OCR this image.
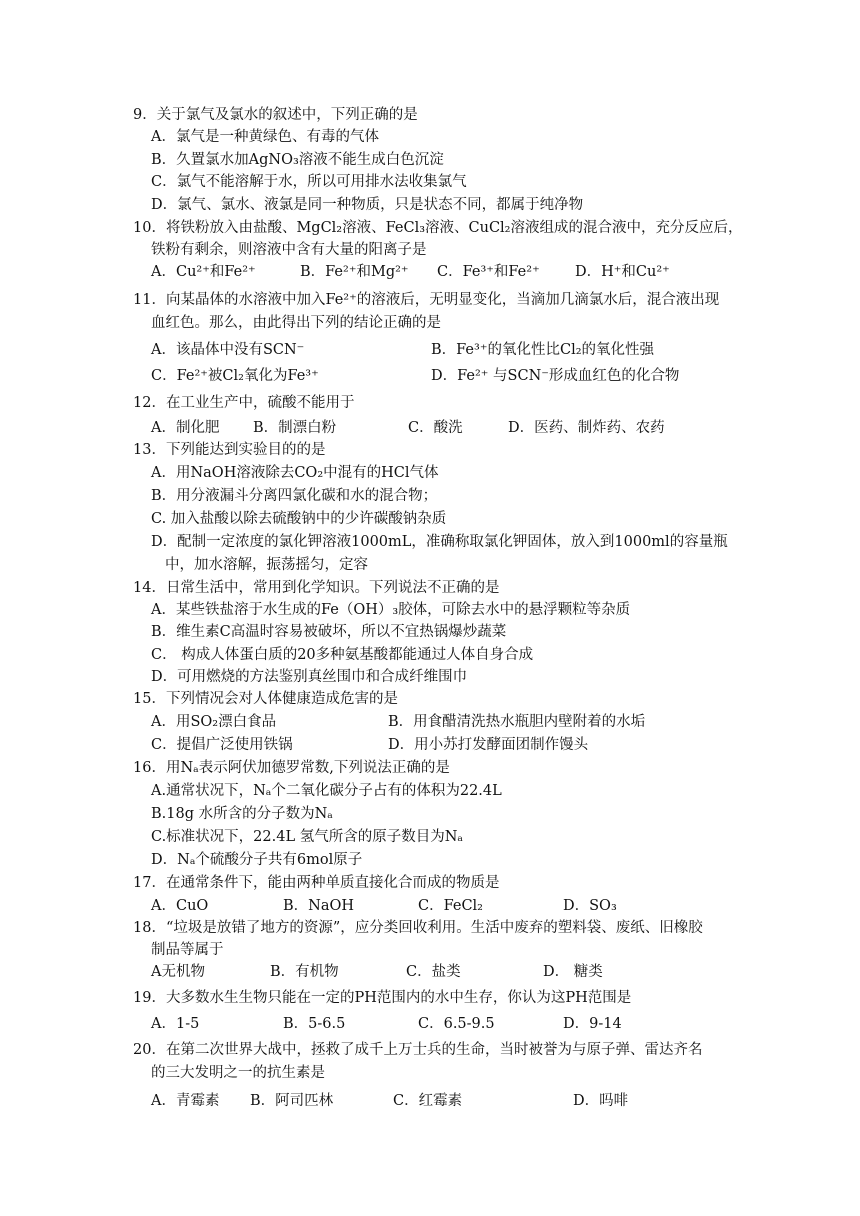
9．关于氯气及氯水的叙述中，下列正确的是
A．氯气是一种黄绿色、有毒的气体
B．久置氯水加AgNO₃溶液不能生成白色沉淀
C．氯气不能溶解于水，所以可用排水法收集氯气
D．氯气、氯水、液氯是同一种物质，只是状态不同，都属于纯净物
10．将铁粉放入由盐酸、MgCl₂溶液、FeCl₃溶液、CuCl₂溶液组成的混合液中，充分反应后，
铁粉有剩余，则溶液中含有大量的阳离子是
A．Cu²⁺和Fe²⁺	B．Fe²⁺和Mg²⁺ C．Fe³⁺和Fe²⁺ D．H⁺和Cu²⁺
11．向某晶体的水溶液中加入Fe²⁺的溶液后，无明显变化，当滴加几滴氯水后，混合液出现
血红色。那么，由此得出下列的结论正确的是
A．该晶体中没有SCN⁻	B．Fe³⁺的氧化性比Cl₂的氧化性强
C．Fe²⁺被Cl₂氧化为Fe³⁺	D．Fe²⁺ 与SCN⁻形成血红色的化合物
12．在工业生产中，硫酸不能用于
A．制化肥 B．制漂白粉	C．酸洗	D．医药、制炸药、农药
13．下列能达到实验目的的是
A．用NaOH溶液除去CO₂中混有的HCl气体
B．用分液漏斗分离四氯化碳和水的混合物；
C. 加入盐酸以除去硫酸钠中的少许碳酸钠杂质
D．配制一定浓度的氯化钾溶液1000mL，准确称取氯化钾固体，放入到1000ml的容量瓶
中，加水溶解，振荡摇匀，定容
14．日常生活中，常用到化学知识。下列说法不正确的是
A．某些铁盐溶于水生成的Fe（OH）₃胶体，可除去水中的悬浮颗粒等杂质
B．维生素C高温时容易被破坏，所以不宜热锅爆炒蔬菜
C． 构成人体蛋白质的20多种氨基酸都能通过人体自身合成
D．可用燃烧的方法鉴别真丝围巾和合成纤维围巾
15．下列情况会对人体健康造成危害的是
A．用SO₂漂白食品	B．用食醋清洗热水瓶胆内壁附着的水垢
C．提倡广泛使用铁锅	D．用小苏打发酵面团制作馒头
16．用Nₐ表示阿伏加德罗常数,下列说法正确的是
A.通常状况下，Nₐ个二氧化碳分子占有的体积为22.4L
B.18g 水所含的分子数为Nₐ
C.标准状况下，22.4L 氢气所含的原子数目为Nₐ
D．Nₐ个硫酸分子共有6mol原子
17．在通常条件下，能由两种单质直接化合而成的物质是
A．CuO	B．NaOH	C．FeCl₂	D．SO₃
18．“垃圾是放错了地方的资源”，应分类回收利用。生活中废弃的塑料袋、废纸、旧橡胶
制品等属于
A无机物	B．有机物	C．盐类	D． 糖类
19．大多数水生生物只能在一定的PH范围内的水中生存，你认为这PH范围是
A．1-5	B．5-6.5	C．6.5-9.5	D．9-14
20．在第二次世界大战中，拯救了成千上万士兵的生命，当时被誉为与原子弹、雷达齐名
的三大发明之一的抗生素是
A．青霉素 B．阿司匹林	C．红霉素	D．吗啡
